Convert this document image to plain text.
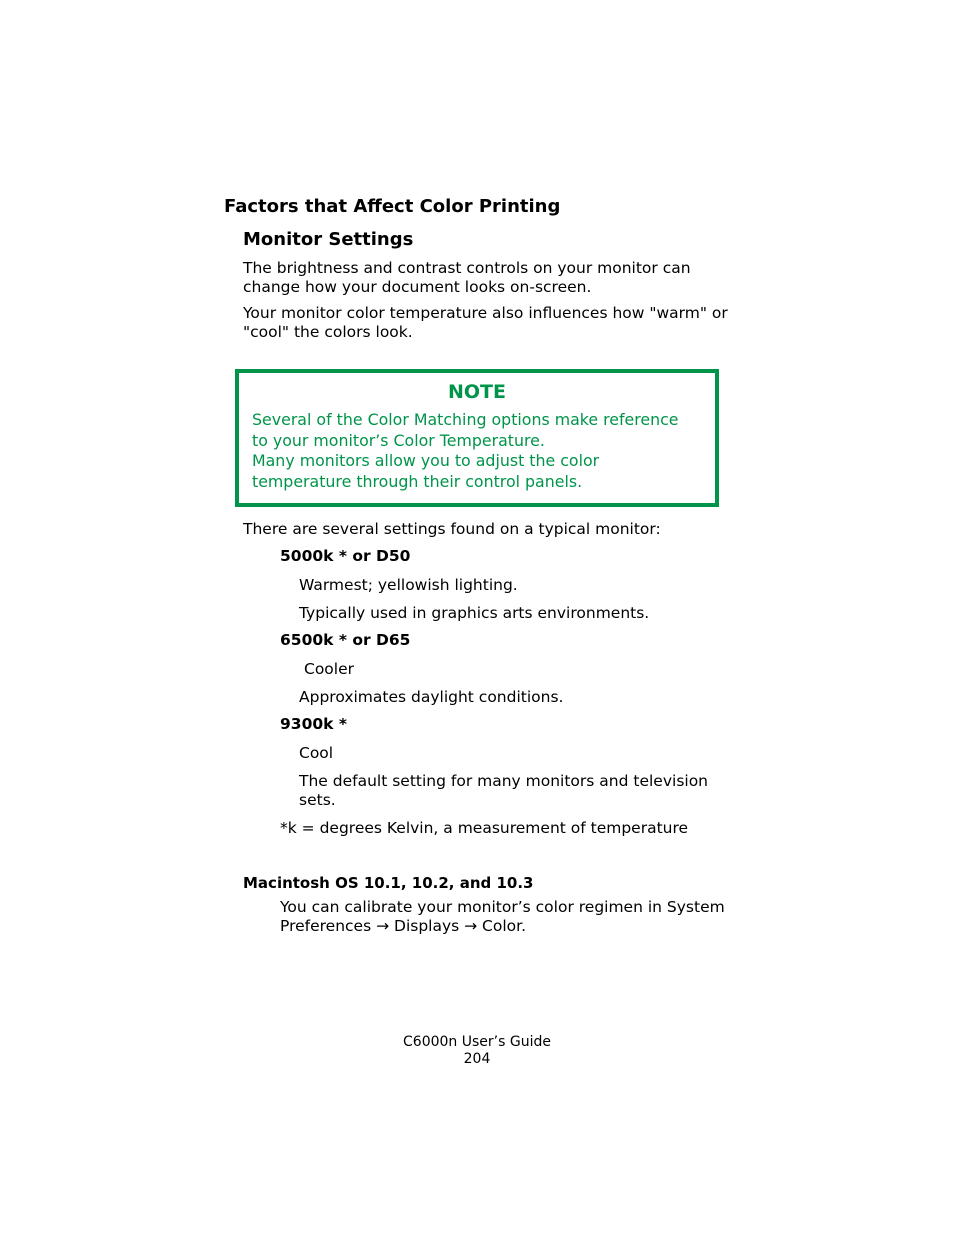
Factors that Affect Color Printing
Monitor Settings
The brightness and contrast controls on your monitor can
change how your document looks on-screen.
Your monitor color temperature also influences how "warm" or
"cool" the colors look.
NOTE
Several of the Color Matching options make reference
to your monitor’s Color Temperature.
Many monitors allow you to adjust the color
temperature through their control panels.
There are several settings found on a typical monitor:
5000k * or D50
Warmest; yellowish lighting.
Typically used in graphics arts environments.
6500k * or D65
Cooler
Approximates daylight conditions.
9300k *
Cool
The default setting for many monitors and television
sets.
*k = degrees Kelvin, a measurement of temperature
Macintosh OS 10.1, 10.2, and 10.3
You can calibrate your monitor’s color regimen in System
Preferences → Displays → Color.
C6000n User’s Guide
204
